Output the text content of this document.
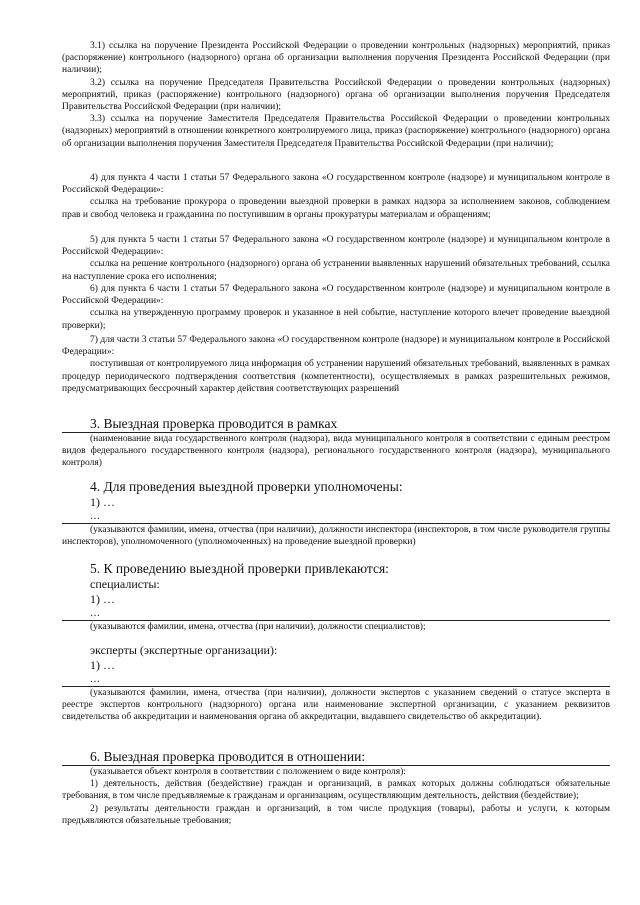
3.1) ссылка на поручение Президента Российской Федерации о проведении контрольных (надзорных) мероприятий, приказ (распоряжение) контрольного (надзорного) органа об организации выполнения поручения Президента Российской Федерации (при наличии);

3.2) ссылка на поручение Председателя Правительства Российской Федерации о проведении контрольных (надзорных) мероприятий, приказ (распоряжение) контрольного (надзорного) органа об организации выполнения поручения Председателя Правительства Российской Федерации (при наличии);

3.3) ссылка на поручение Заместителя Председателя Правительства Российской Федерации о проведении контрольных (надзорных) мероприятий в отношении конкретного контролируемого лица, приказ (распоряжение) контрольного (надзорного) органа об организации выполнения поручения Заместителя Председателя Правительства Российской Федерации (при наличии);

4) для пункта 4 части 1 статьи 57 Федерального закона «О государственном контроле (надзоре) и муниципальном контроле в Российской Федерации»:

ссылка на требование прокурора о проведении выездной проверки в рамках надзора за исполнением законов, соблюдением прав и свобод человека и гражданина по поступившим в органы прокуратуры материалам и обращениям;

5) для пункта 5 части 1 статьи 57 Федерального закона «О государственном контроле (надзоре) и муниципальном контроле в Российской Федерации»:

ссылка на решение контрольного (надзорного) органа об устранении выявленных нарушений обязательных требований, ссылка на наступление срока его исполнения;

6) для пункта 6 части 1 статьи 57 Федерального закона «О государственном контроле (надзоре) и муниципальном контроле в Российской Федерации»:

ссылка на утвержденную программу проверок и указанное в ней событие, наступление которого влечет проведение выездной проверки);

7) для части 3 статьи 57 Федерального закона «О государственном контроле (надзоре) и муниципальном контроле в Российской Федерации»:

поступившая от контролируемого лица информация об устранении нарушений обязательных требований, выявленных в рамках процедур периодического подтверждения соответствия (компетентности), осуществляемых в рамках разрешительных режимов, предусматривающих бессрочный характер действия соответствующих разрешений

3. Выездная проверка проводится в рамках

(наименование вида государственного контроля (надзора), вида муниципального контроля в соответствии с единым реестром видов федерального государственного контроля (надзора), регионального государственного контроля (надзора), муниципального контроля)

4. Для проведения выездной проверки уполномочены:

1) …

…

(указываются фамилии, имена, отчества (при наличии), должности инспектора (инспекторов, в том числе руководителя группы инспекторов), уполномоченного (уполномоченных) на проведение выездной проверки)

5. К проведению выездной проверки привлекаются:

специалисты:

1) …

…

(указываются фамилии, имена, отчества (при наличии), должности специалистов);

эксперты (экспертные организации):

1) …

…

(указываются фамилии, имена, отчества (при наличии), должности экспертов с указанием сведений о статусе эксперта в реестре экспертов контрольного (надзорного) органа или наименование экспертной организации, с указанием реквизитов свидетельства об аккредитации и наименования органа об аккредитации, выдавшего свидетельство об аккредитации).

6. Выездная проверка проводится в отношении:

(указывается объект контроля в соответствии с положением о виде контроля):

1) деятельность, действия (бездействие) граждан и организаций, в рамках которых должны соблюдаться обязательные требования, в том числе предъявляемые к гражданам и организациям, осуществляющим деятельность, действия (бездействие);

2) результаты деятельности граждан и организаций, в том числе продукция (товары), работы и услуги, к которым предъявляются обязательные требования;
